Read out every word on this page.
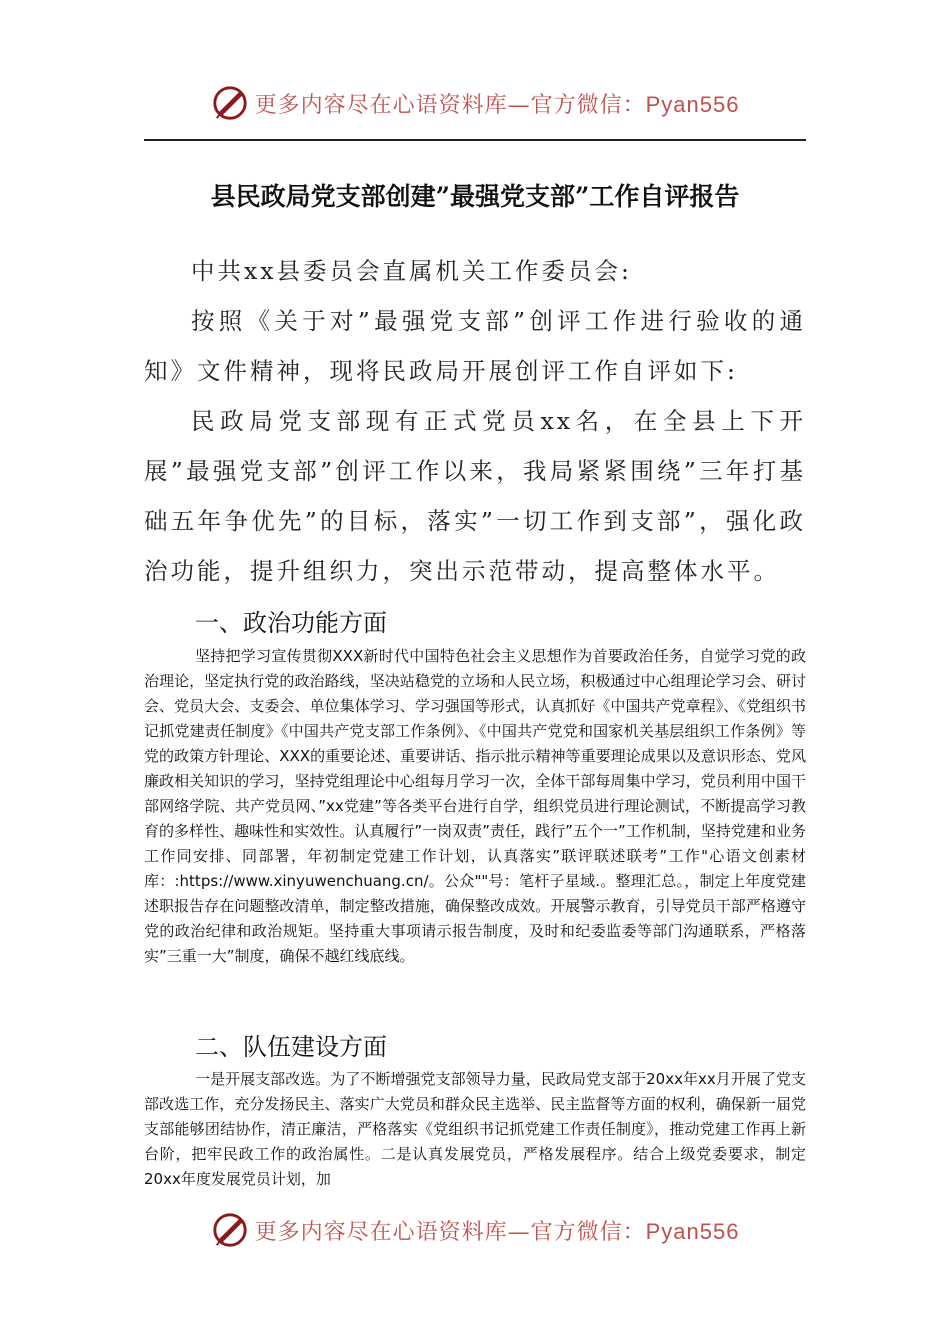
更多内容尽在心语资料库—官方微信：Pyan556
县民政局党支部创建”最强党支部”工作自评报告

中共xx县委员会直属机关工作委员会:

按照《关于对”最强党支部”创评工作进行验收的通知》文件精神，现将民政局开展创评工作自评如下:

民政局党支部现有正式党员xx名，在全县上下开展”最强党支部”创评工作以来，我局紧紧围绕”三年打基础五年争优先”的目标，落实”一切工作到支部”，强化政治功能，提升组织力，突出示范带动，提高整体水平。

一、政治功能方面

坚持把学习宣传贯彻XXX新时代中国特色社会主义思想作为首要政治任务，自觉学习党的政治理论，坚定执行党的政治路线，坚决站稳党的立场和人民立场，积极通过中心组理论学习会、研讨会、党员大会、支委会、单位集体学习、学习强国等形式，认真抓好《中国共产党章程》、《党组织书记抓党建责任制度》《中国共产党支部工作条例》、《中国共产党党和国家机关基层组织工作条例》等党的政策方针理论、XXX的重要论述、重要讲话、指示批示精神等重要理论成果以及意识形态、党风廉政相关知识的学习，坚持党组理论中心组每月学习一次，全体干部每周集中学习，党员利用中国干部网络学院、共产党员网、”xx党建”等各类平台进行自学，组织党员进行理论测试，不断提高学习教育的多样性、趣味性和实效性。认真履行”一岗双责”责任，践行”五个一”工作机制，坚持党建和业务工作同安排、同部署，年初制定党建工作计划，认真落实”联评联述联考”工作"心语文创素材库：:https://www.xinyuwenchuang.cn/。公众""号：笔杆子星域.。整理汇总。，制定上年度党建述职报告存在问题整改清单，制定整改措施，确保整改成效。开展警示教育，引导党员干部严格遵守党的政治纪律和政治规矩。坚持重大事项请示报告制度，及时和纪委监委等部门沟通联系，严格落实”三重一大”制度，确保不越红线底线。

二、队伍建设方面

一是开展支部改选。为了不断增强党支部领导力量，民政局党支部于20xx年xx月开展了党支部改选工作，充分发扬民主、落实广大党员和群众民主选举、民主监督等方面的权利，确保新一届党支部能够团结协作，清正廉洁，严格落实《党组织书记抓党建工作责任制度》，推动党建工作再上新台阶，把牢民政工作的政治属性。二是认真发展党员，严格发展程序。结合上级党委要求，制定20xx年度发展党员计划，加

更多内容尽在心语资料库—官方微信：Pyan556
